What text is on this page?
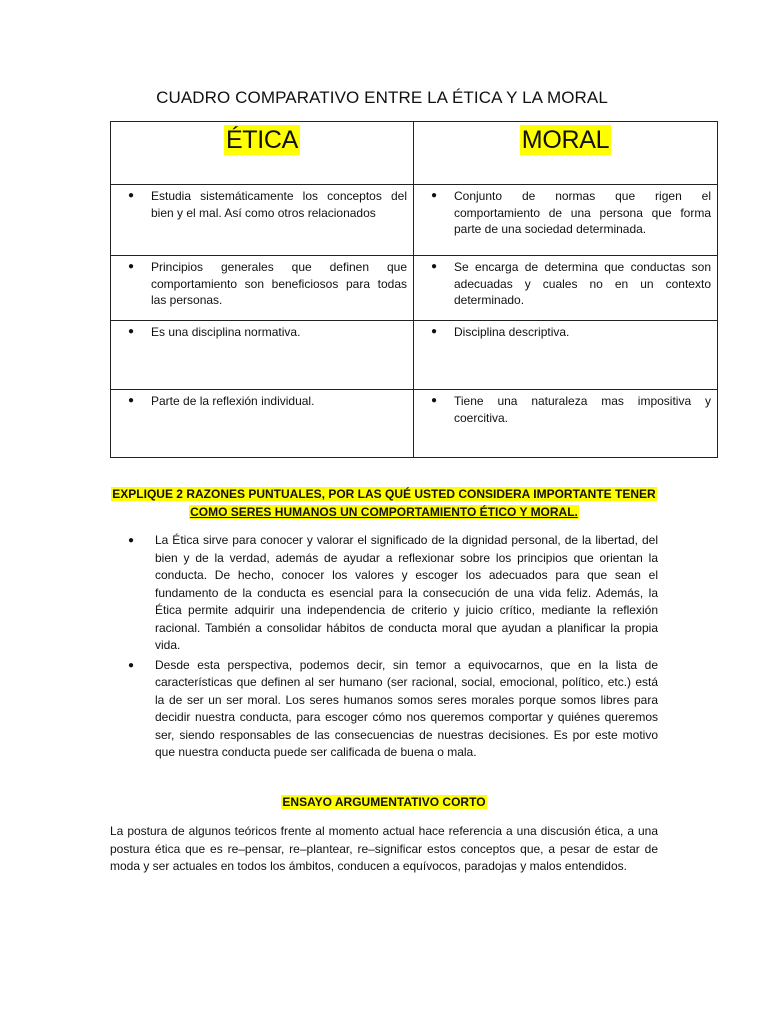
CUADRO COMPARATIVO ENTRE LA ÉTICA Y LA MORAL
ÉTICA	MORAL

● Estudia sistemáticamente los conceptos del bien y el mal. Así como otros relacionados	● Conjunto de normas que rigen el comportamiento de una persona que forma parte de una sociedad determinada.

● Principios generales que definen que comportamiento son beneficiosos para todas las personas.	● Se encarga de determina que conductas son adecuadas y cuales no en un contexto determinado.

● Es una disciplina normativa.	● Disciplina descriptiva.

● Parte de la reflexión individual.	● Tiene una naturaleza mas impositiva y coercitiva.
EXPLIQUE 2 RAZONES PUNTUALES, POR LAS QUÉ USTED CONSIDERA IMPORTANTE TENER
COMO SERES HUMANOS UN COMPORTAMIENTO ÉTICO Y MORAL.
●	La Ética sirve para conocer y valorar el significado de la dignidad personal, de la libertad, del bien y de la verdad, además de ayudar a reflexionar sobre los principios que orientan la conducta. De hecho, conocer los valores y escoger los adecuados para que sean el fundamento de la conducta es esencial para la consecución de una vida feliz. Además, la Ética permite adquirir una independencia de criterio y juicio crítico, mediante la reflexión racional. También a consolidar hábitos de conducta moral que ayudan a planificar la propia vida.
●	Desde esta perspectiva, podemos decir, sin temor a equivocarnos, que en la lista de características que definen al ser humano (ser racional, social, emocional, político, etc.) está la de ser un ser moral. Los seres humanos somos seres morales porque somos libres para decidir nuestra conducta, para escoger cómo nos queremos comportar y quiénes queremos ser, siendo responsables de las consecuencias de nuestras decisiones. Es por este motivo que nuestra conducta puede ser calificada de buena o mala.
ENSAYO ARGUMENTATIVO CORTO
La postura de algunos teóricos frente al momento actual hace referencia a una discusión ética, a una postura ética que es re–pensar, re–plantear, re–significar estos conceptos que, a pesar de estar de moda y ser actuales en todos los ámbitos, conducen a equívocos, paradojas y malos entendidos.
